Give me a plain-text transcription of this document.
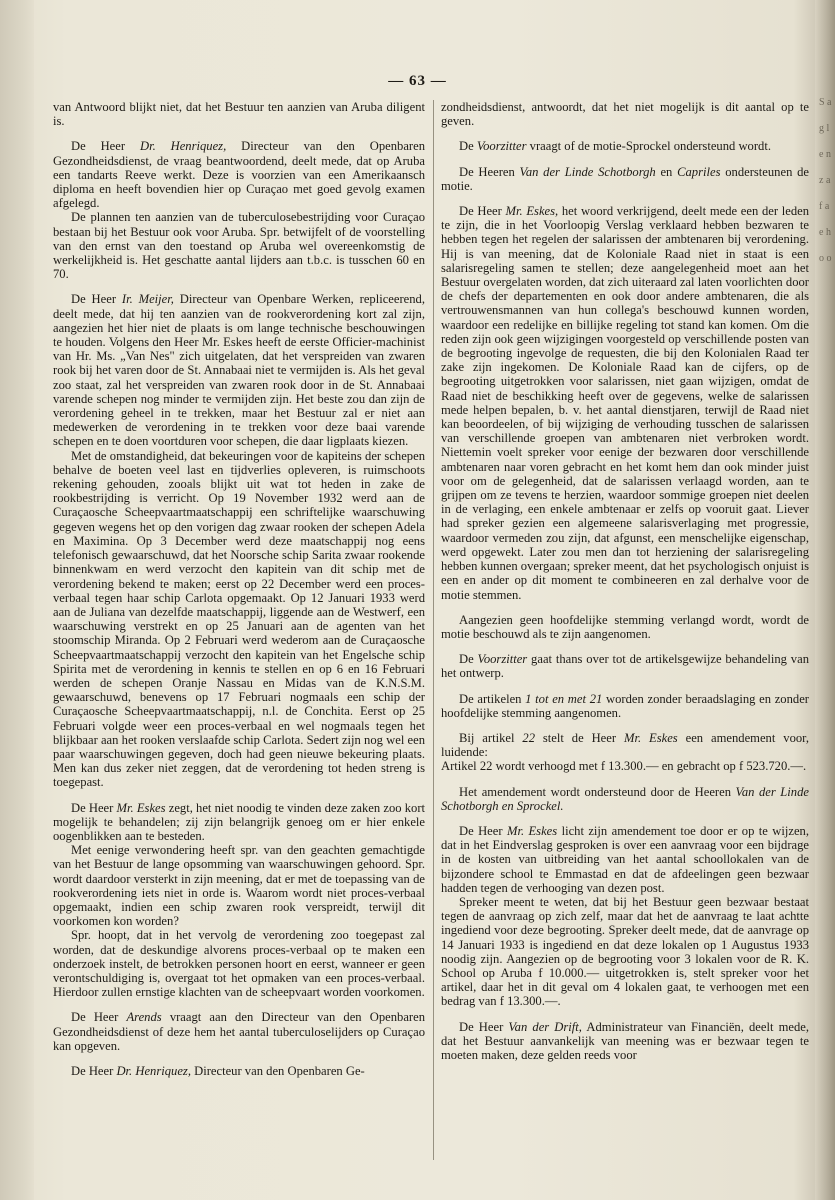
S a g l e n z a f a e h o o
— 63 —

van Antwoord blijkt niet, dat het Bestuur ten aanzien van Aruba diligent is.

De Heer Dr. Henriquez, Directeur van den Openbaren Gezondheidsdienst, de vraag beantwoordend, deelt mede, dat op Aruba een tandarts Reeve werkt. Deze is voorzien van een Amerikaansch diploma en heeft bovendien hier op Curaçao met goed gevolg examen afgelegd.

De plannen ten aanzien van de tuberculosebestrijding voor Curaçao bestaan bij het Bestuur ook voor Aruba. Spr. betwijfelt of de voorstelling van den ernst van den toestand op Aruba wel overeenkomstig de werkelijkheid is. Het geschatte aantal lijders aan t.b.c. is tusschen 60 en 70.

De Heer Ir. Meijer, Directeur van Openbare Werken, repliceerend, deelt mede, dat hij ten aanzien van de rookverordening kort zal zijn, aangezien het hier niet de plaats is om lange technische beschouwingen te houden. Volgens den Heer Mr. Eskes heeft de eerste Officier-machinist van Hr. Ms. „Van Nes" zich uitgelaten, dat het verspreiden van zwaren rook bij het varen door de St. Annabaai niet te vermijden is. Als het geval zoo staat, zal het verspreiden van zwaren rook door in de St. Annabaai varende schepen nog minder te vermijden zijn. Het beste zou dan zijn de verordening geheel in te trekken, maar het Bestuur zal er niet aan medewerken de verordening in te trekken voor deze baai varende schepen en te doen voortduren voor schepen, die daar ligplaats kiezen.

Met de omstandigheid, dat bekeuringen voor de kapiteins der schepen behalve de boeten veel last en tijdverlies opleveren, is ruimschoots rekening gehouden, zooals blijkt uit wat tot heden in zake de rookbestrijding is verricht. Op 19 November 1932 werd aan de Curaçaosche Scheepvaartmaatschappij een schriftelijke waarschuwing gegeven wegens het op den vorigen dag zwaar rooken der schepen Adela en Maximina. Op 3 December werd deze maatschappij nog eens telefonisch gewaarschuwd, dat het Noorsche schip Sarita zwaar rookende binnenkwam en werd verzocht den kapitein van dit schip met de verordening bekend te maken; eerst op 22 December werd een proces-verbaal tegen haar schip Carlota opgemaakt. Op 12 Januari 1933 werd aan de Juliana van dezelfde maatschappij, liggende aan de Westwerf, een waarschuwing verstrekt en op 25 Januari aan de agenten van het stoomschip Miranda. Op 2 Februari werd wederom aan de Curaçaosche Scheepvaartmaatschappij verzocht den kapitein van het Engelsche schip Spirita met de verordening in kennis te stellen en op 6 en 16 Februari werden de schepen Oranje Nassau en Midas van de K.N.S.M. gewaarschuwd, benevens op 17 Februari nogmaals een schip der Curaçaosche Scheepvaartmaatschappij, n.l. de Conchita. Eerst op 25 Februari volgde weer een proces-verbaal en wel nogmaals tegen het blijkbaar aan het rooken verslaafde schip Carlota. Sedert zijn nog wel een paar waarschuwingen gegeven, doch had geen nieuwe bekeuring plaats. Men kan dus zeker niet zeggen, dat de verordening tot heden streng is toegepast.

De Heer Mr. Eskes zegt, het niet noodig te vinden deze zaken zoo kort mogelijk te behandelen; zij zijn belangrijk genoeg om er hier enkele oogenblikken aan te besteden.

Met eenige verwondering heeft spr. van den geachten gemachtigde van het Bestuur de lange opsomming van waarschuwingen gehoord. Spr. wordt daardoor versterkt in zijn meening, dat er met de toepassing van de rookverordening iets niet in orde is. Waarom wordt niet proces-verbaal opgemaakt, indien een schip zwaren rook verspreidt, terwijl dit voorkomen kon worden?

Spr. hoopt, dat in het vervolg de verordening zoo toegepast zal worden, dat de deskundige alvorens proces-verbaal op te maken een onderzoek instelt, de betrokken personen hoort en eerst, wanneer er geen verontschuldiging is, overgaat tot het opmaken van een proces-verbaal. Hierdoor zullen ernstige klachten van de scheepvaart worden voorkomen.

De Heer Arends vraagt aan den Directeur van den Openbaren Gezondheidsdienst of deze hem het aantal tuberculoselijders op Curaçao kan opgeven.

De Heer Dr. Henriquez, Directeur van den Openbaren Ge-

zondheidsdienst, antwoordt, dat het niet mogelijk is dit aantal op te geven.

De Voorzitter vraagt of de motie-Sprockel ondersteund wordt.

De Heeren Van der Linde Schotborgh en Capriles ondersteunen de motie.

De Heer Mr. Eskes, het woord verkrijgend, deelt mede een der leden te zijn, die in het Voorloopig Verslag verklaard hebben bezwaren te hebben tegen het regelen der salarissen der ambtenaren bij verordening. Hij is van meening, dat de Koloniale Raad niet in staat is een salarisregeling samen te stellen; deze aangelegenheid moet aan het Bestuur overgelaten worden, dat zich uiteraard zal laten voorlichten door de chefs der departementen en ook door andere ambtenaren, die als vertrouwensmannen van hun collega's beschouwd kunnen worden, waardoor een redelijke en billijke regeling tot stand kan komen. Om die reden zijn ook geen wijzigingen voorgesteld op verschillende posten van de begrooting ingevolge de requesten, die bij den Kolonialen Raad ter zake zijn ingekomen. De Koloniale Raad kan de cijfers, op de begrooting uitgetrokken voor salarissen, niet gaan wijzigen, omdat de Raad niet de beschikking heeft over de gegevens, welke de salarissen mede helpen bepalen, b. v. het aantal dienstjaren, terwijl de Raad niet kan beoordeelen, of bij wijziging de verhouding tusschen de salarissen van verschillende groepen van ambtenaren niet verbroken wordt. Niettemin voelt spreker voor eenige der bezwaren door verschillende ambtenaren naar voren gebracht en het komt hem dan ook minder juist voor om de gelegenheid, dat de salarissen verlaagd worden, aan te grijpen om ze tevens te herzien, waardoor sommige groepen niet deelen in de verlaging, een enkele ambtenaar er zelfs op vooruit gaat. Liever had spreker gezien een algemeene salarisverlaging met progressie, waardoor vermeden zou zijn, dat afgunst, een menschelijke eigenschap, werd opgewekt. Later zou men dan tot herziening der salarisregeling hebben kunnen overgaan; spreker meent, dat het psychologisch onjuist is een en ander op dit moment te combineeren en zal derhalve voor de motie stemmen.

Aangezien geen hoofdelijke stemming verlangd wordt, wordt de motie beschouwd als te zijn aangenomen.

De Voorzitter gaat thans over tot de artikelsgewijze behandeling van het ontwerp.

De artikelen 1 tot en met 21 worden zonder beraadslaging en zonder hoofdelijke stemming aangenomen.

Bij artikel 22 stelt de Heer Mr. Eskes een amendement voor, luidende:
Artikel 22 wordt verhoogd met f 13.300.— en gebracht op f 523.720.—.

Het amendement wordt ondersteund door de Heeren Van der Linde Schotborgh en Sprockel.

De Heer Mr. Eskes licht zijn amendement toe door er op te wijzen, dat in het Eindverslag gesproken is over een aanvraag voor een bijdrage in de kosten van uitbreiding van het aantal schoollokalen van de bijzondere school te Emmastad en dat de afdeelingen geen bezwaar hadden tegen de verhooging van dezen post.

Spreker meent te weten, dat bij het Bestuur geen bezwaar bestaat tegen de aanvraag op zich zelf, maar dat het de aanvraag te laat achtte ingediend voor deze begrooting. Spreker deelt mede, dat de aanvrage op 14 Januari 1933 is ingediend en dat deze lokalen op 1 Augustus 1933 noodig zijn. Aangezien op de begrooting voor 3 lokalen voor de R. K. School op Aruba f 10.000.— uitgetrokken is, stelt spreker voor het artikel, daar het in dit geval om 4 lokalen gaat, te verhoogen met een bedrag van f 13.300.—.

De Heer Van der Drift, Administrateur van Financiën, deelt mede, dat het Bestuur aanvankelijk van meening was er bezwaar tegen te moeten maken, deze gelden reeds voor
